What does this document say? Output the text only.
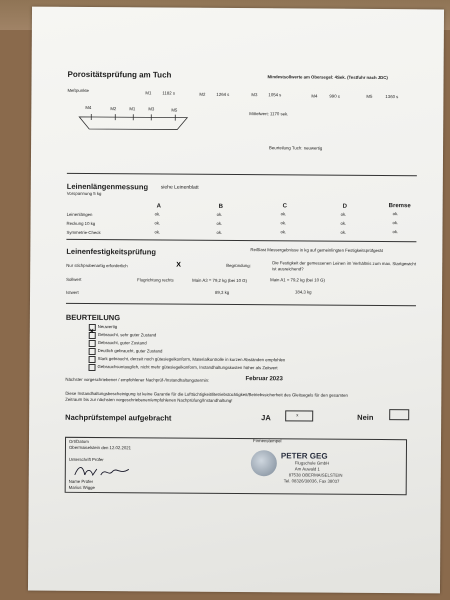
Porositätsprüfung am Tuch	Mindestsollwerte am Obersegel: 4Sek. (Testfuhr nach JDC)
Meßpunkte	M1	1182 s	M2	1264 s	M3	1054 s	M4	990 s	M5	1360 s
M4	M2	M1	M3	M5
Mittelwert: 1170 sek.
Beurteilung Tuch: neuwertig
Leinenlängenmessung	siehe Leinenblatt
Vorspannung 5 kg
A	B	C	D	Bremse
Leinenlängen	ok.	ok.	ok.	ok.	ok.
Reckung 10 kg	ok.	ok.	ok.	ok.	ok.
Symmetrie-Check	ok.	ok.	ok.	ok.	ok.
Leinenfestigkeitsprüfung	Reißlast Messergebnisse in kg auf gemeinlingten Festigkeitsprüfgerät
Nur stichprobenartig erforderlich	X	Begründung:	Die Festigkeit der gemessenen Leinen im Verhältnis zum max. Startgewicht
ist ausreichend?
Sollwert	Flugrichtung rechts	Main A3 = 79,2 kg (bei 10 G)	Main A1 = 79,2 kg (bei 10 G)
Istwert	89,3 kg	184,3 kg
BEURTEILUNG
Neuwertig
X Gebraucht, sehr guter Zustand
Gebraucht, guter Zustand
Deutlich gebraucht, guter Zustand
Stark gebraucht, derzeit noch gütesiegelkonform, Materialkontrolle in kurzen Abständen empfohlen
Gebrauchsuntauglich, nicht mehr gütesiegelkonform, Instandhaltungskosten höher als Zeitwert
Nächster vorgeschriebener / empfohlener Nachprüf-/Instandhaltungstermin:	Februar 2023
Diese Instandhaltungsbescheinigung ist keine Garantie für die Lufttüchtigkeit/Betriebstüchtigkeit/Betriebssicherheit des Gleitsegels für den gesamten
Zeitraum bis zur nächsten vorgeschriebenen/empfohlenen Nachprüfung/Instandhaltung!
Nachprüfstempel aufgebracht	JA	x	Nein
Ort/Datum
Obermaiselstein den 12.02.2021
Unterschrift Prüfer
Name Prüfer
Marius Wigge
Firmenstempel
PETER GEG
Flugschule GmbH
Am Auwald 1
87538 OBERMAISELSTEIN
Tel. 08326/38036, Fax 38037
